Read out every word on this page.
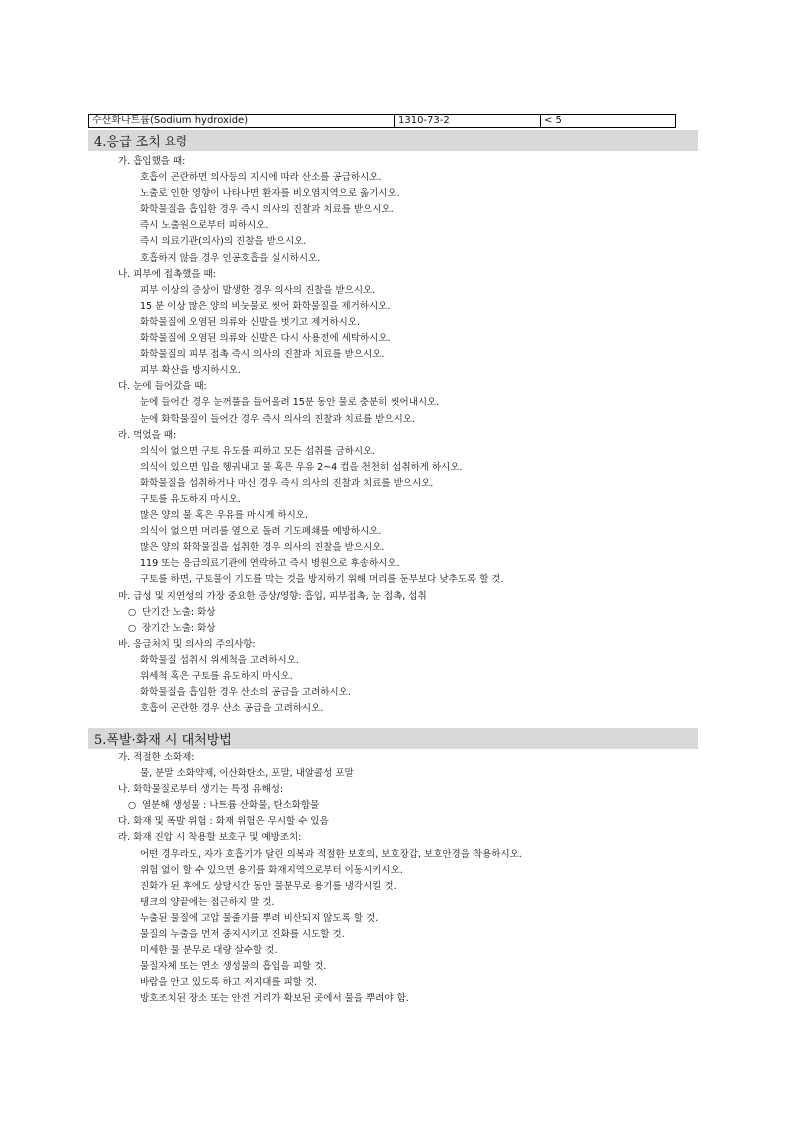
수산화나트륨(Sodium hydroxide)	1310-73-2	< 5
4.응급 조치 요령
가. 흡입했을 때:
호흡이 곤란하면 의사등의 지시에 따라 산소를 공급하시오.
노출로 인한 영향이 나타나면 환자를 비오염지역으로 옮기시오.
화학물질을 흡입한 경우 즉시 의사의 진찰과 치료를 받으시오.
즉시 노출원으로부터 피하시오.
즉시 의료기관(의사)의 진찰을 받으시오.
호흡하지 않을 경우 인공호흡을 실시하시오.
나. 피부에 접촉했을 때:
피부 이상의 증상이 발생한 경우 의사의 진찰을 받으시오.
15 분 이상 많은 양의 비눗물로 씻어 화학물질을 제거하시오.
화학물질에 오염된 의류와 신발을 벗기고 제거하시오.
화학물질에 오염된 의류와 신발은 다시 사용전에 세탁하시오.
화학물질의 피부 접촉 즉시 의사의 진찰과 치료를 받으시오.
피부 확산을 방지하시오.
다. 눈에 들어갔을 때:
눈에 들어간 경우 눈꺼풀을 들어올려 15분 동안 물로 충분히 씻어내시오.
눈에 화학물질이 들어간 경우 즉시 의사의 진찰과 치료를 받으시오.
라. 먹었을 때:
의식이 없으면 구토 유도를 피하고 모든 섭취를 금하시오.
의식이 있으면 입을 헹궈내고 물 혹은 우유 2~4 컵을 천천히 섭취하게 하시오.
화학물질을 섭취하거나 마신 경우 즉시 의사의 진찰과 치료를 받으시오.
구토를 유도하지 마시오.
많은 양의 물 혹은 우유를 마시게 하시오.
의식이 없으면 머리를 옆으로 돌려 기도폐쇄를 예방하시오.
많은 양의 화학물질을 섭취한 경우 의사의 진찰을 받으시오.
119 또는 응급의료기관에 연락하고 즉시 병원으로 후송하시오.
구토를 하면, 구토물이 기도를 막는 것을 방지하기 위해 머리를 둔부보다 낮추도록 할 것.
마. 급성 및 지연성의 가장 중요한 증상/영향: 흡입, 피부접촉, 눈 접촉, 섭취
○ 단기간 노출: 화상
○ 장기간 노출: 화상
바. 응급처치 및 의사의 주의사항:
화학물질 섭취시 위세척을 고려하시오.
위세척 혹은 구토를 유도하지 마시오.
화학물질을 흡입한 경우 산소의 공급을 고려하시오.
호흡이 곤란한 경우 산소 공급을 고려하시오.
5.폭발·화재 시 대처방법
가. 적절한 소화제:
물, 분말 소화약제, 이산화탄소, 포말, 내알콜성 포말
나. 화학물질로부터 생기는 특정 유해성:
○ 열분해 생성물 : 나트륨 산화물, 탄소화합물
다. 화재 및 폭발 위험 : 화재 위험은 무시할 수 있음
라. 화재 진압 시 착용할 보호구 및 예방조치:
어떤 경우라도, 자가 호흡기가 달린 의복과 적절한 보호의, 보호장갑, 보호안경을 착용하시오.
위험 없이 할 수 있으면 용기를 화재지역으로부터 이동시키시오.
진화가 된 후에도 상당시간 동안 물분무로 용기를 냉각시킬 것.
탱크의 양끝에는 접근하지 말 것.
누출된 물질에 고압 물줄기를 뿌려 비산되지 않도록 할 것.
물질의 누출을 먼저 중지시키고 진화를 시도할 것.
미세한 물 분무로 대량 살수할 것.
물질자체 또는 연소 생성물의 흡입을 피할 것.
바람을 안고 있도록 하고 저지대를 피할 것.
방호조치된 장소 또는 안전 거리가 확보된 곳에서 물을 뿌려야 함.
